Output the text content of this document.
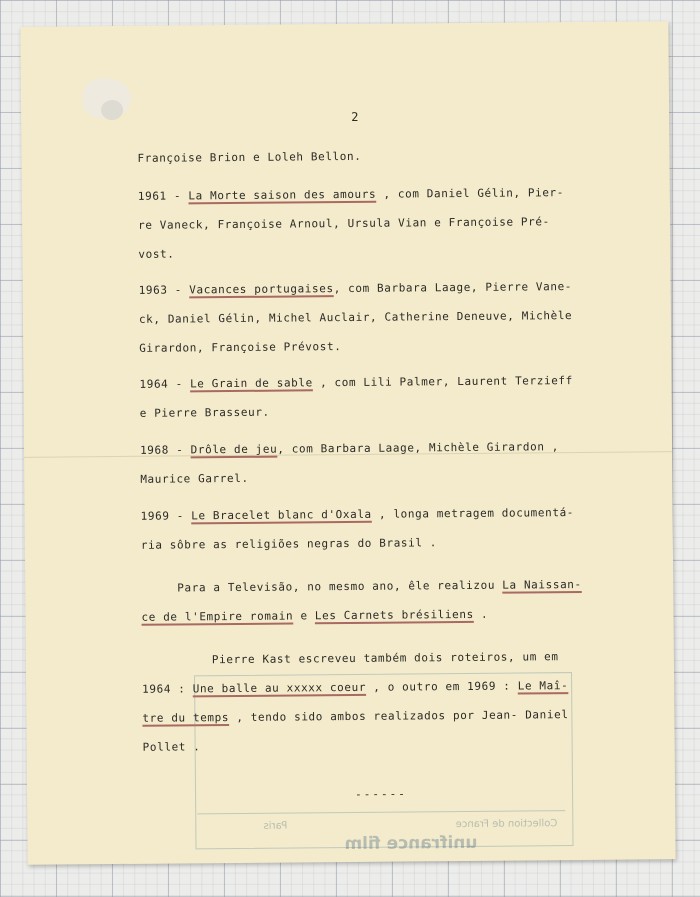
Collection de France
Paris
unifrance film
2
Françoise Brion e Loleh Bellon.
1961 - La Morte saison des amours , com Daniel Gélin, Pier-
re Vaneck, Françoise Arnoul, Ursula Vian e Françoise Pré-
vost.
1963 - Vacances portugaises, com Barbara Laage, Pierre Vane-
ck, Daniel Gélin, Michel Auclair, Catherine Deneuve, Michèle
Girardon, Françoise Prévost.
1964 - Le Grain de sable , com Lili Palmer, Laurent Terzieff
e Pierre Brasseur.
1968 - Drôle de jeu, com Barbara Laage, Michèle Girardon ,
Maurice Garrel.
1969 - Le Bracelet blanc d'Oxala , longa metragem documentá-
ria sôbre as religiões negras do Brasil .
Para a Televisão, no mesmo ano, êle realizou La Naissan-
ce de l'Empire romain e Les Carnets brésiliens .
Pierre Kast escreveu também dois roteiros, um em
1964 : Une balle au xxxxx coeur , o outro em 1969 : Le Maî-
tre du temps , tendo sido ambos realizados por Jean- Daniel
Pollet .
------
